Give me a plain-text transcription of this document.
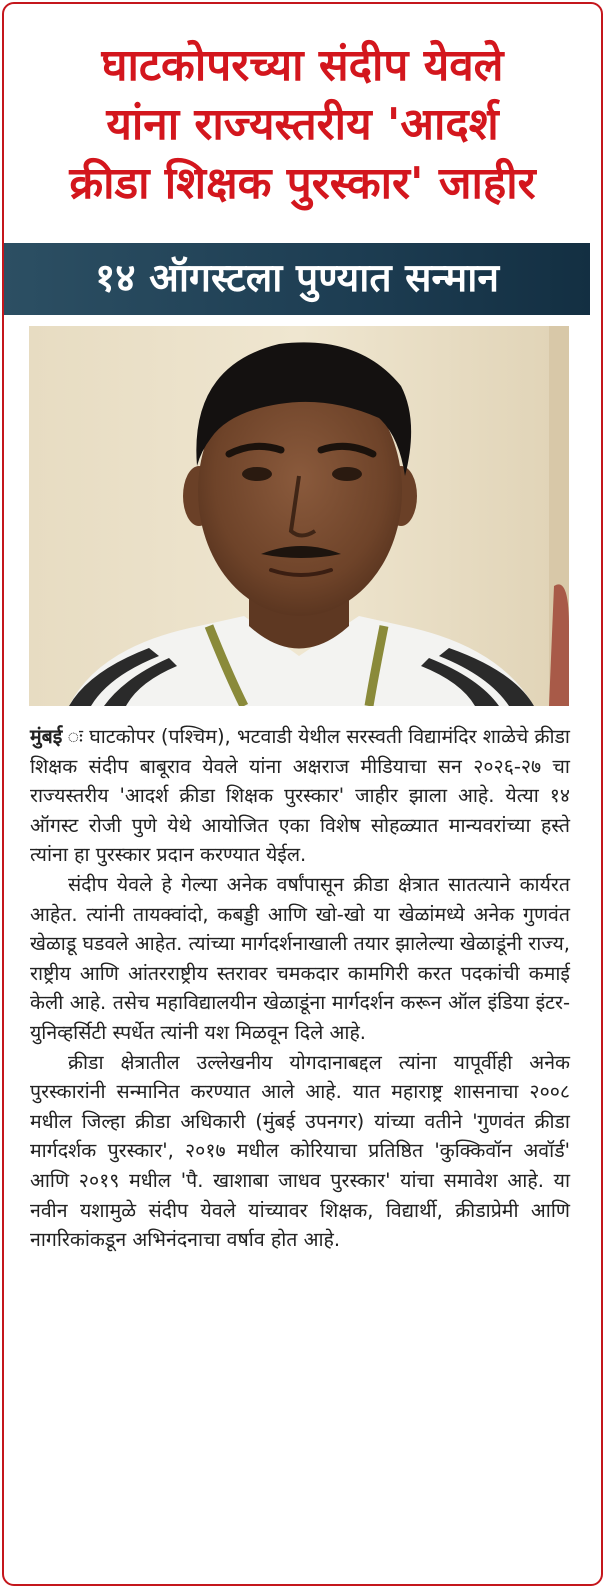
घाटकोपरच्या संदीप येवले
यांना राज्यस्तरीय 'आदर्श
क्रीडा शिक्षक पुरस्कार' जाहीर
१४ ऑगस्टला पुण्यात सन्मान

मुंबई ः घाटकोपर (पश्चिम), भटवाडी येथील सरस्वती विद्यामंदिर शाळेचे क्रीडा शिक्षक संदीप बाबूराव येवले यांना अक्षराज मीडियाचा सन २०२६-२७ चा राज्यस्तरीय 'आदर्श क्रीडा शिक्षक पुरस्कार' जाहीर झाला आहे. येत्या १४ ऑगस्ट रोजी पुणे येथे आयोजित एका विशेष सोहळ्यात मान्यवरांच्या हस्ते त्यांना हा पुरस्कार प्रदान करण्यात येईल.

संदीप येवले हे गेल्या अनेक वर्षांपासून क्रीडा क्षेत्रात सातत्याने कार्यरत आहेत. त्यांनी तायक्वांदो, कबड्डी आणि खो-खो या खेळांमध्ये अनेक गुणवंत खेळाडू घडवले आहेत. त्यांच्या मार्गदर्शनाखाली तयार झालेल्या खेळाडूंनी राज्य, राष्ट्रीय आणि आंतरराष्ट्रीय स्तरावर चमकदार कामगिरी करत पदकांची कमाई केली आहे. तसेच महाविद्यालयीन खेळाडूंना मार्गदर्शन करून ऑल इंडिया इंटर-युनिव्हर्सिटी स्पर्धेत त्यांनी यश मिळवून दिले आहे.

क्रीडा क्षेत्रातील उल्लेखनीय योगदानाबद्दल त्यांना यापूर्वीही अनेक पुरस्कारांनी सन्मानित करण्यात आले आहे. यात महाराष्ट्र शासनाचा २००८ मधील जिल्हा क्रीडा अधिकारी (मुंबई उपनगर) यांच्या वतीने 'गुणवंत क्रीडा मार्गदर्शक पुरस्कार', २०१७ मधील कोरियाचा प्रतिष्ठित 'कुक्किवॉन अवॉर्ड' आणि २०१९ मधील 'पै. खाशाबा जाधव पुरस्कार' यांचा समावेश आहे. या नवीन यशामुळे संदीप येवले यांच्यावर शिक्षक, विद्यार्थी, क्रीडाप्रेमी आणि नागरिकांकडून अभिनंदनाचा वर्षाव होत आहे.
